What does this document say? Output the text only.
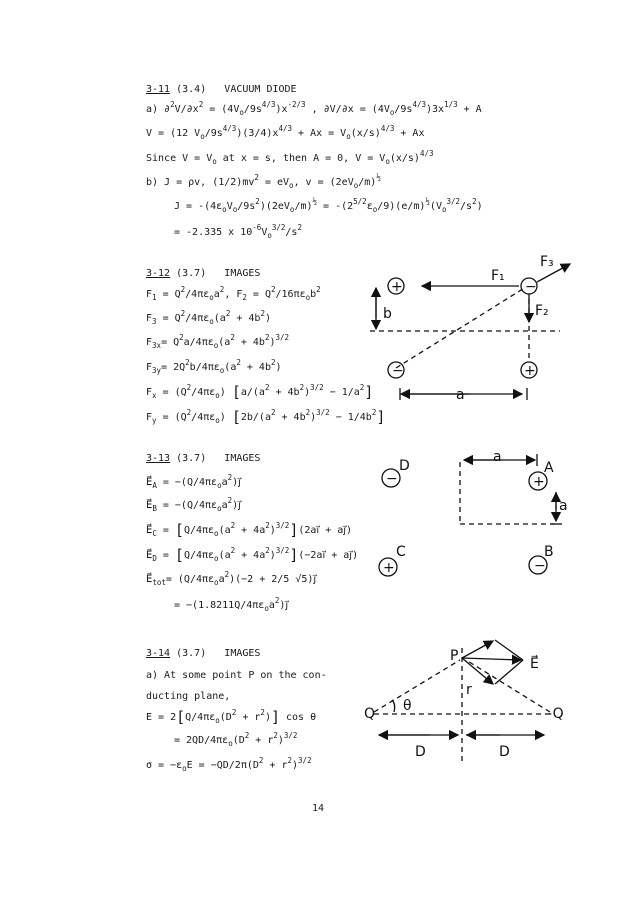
3-11 (3.4) VACUUM DIODE
a) $\partial^2V/\partial x^2 = (4V_o/9s^{4/3})x^{-2/3}$ , $\partial V/\partial x = (4V_o/9s^{4/3})3x^{1/3} + A$
V = (12 $V_o/9s^{4/3})(3/4)x^{4/3} + Ax = V_o(x/s)^{4/3} + Ax$
Since $V = V_o$ at x = s, then A = 0, $V = V_o(x/s)^{4/3}$
b) J = ρv, $(1/2)mv^2 = eV_o$, $v = (2eV_o/m)^{\frac{1}{2}}$
$J = -(4\varepsilon_oV_o/9s^2)(2eV_o/m)^{\frac{1}{2}} = -(2^{5/2}\varepsilon_o/9)(e/m)^{\frac{1}{2}}(V_o^{3/2}/s^2)$
= -2.335 x $10^{-6}V_o^{3/2}/s^2$
3-12 (3.7) IMAGES
$F_1 = Q^2/4\pi\varepsilon_oa^2$, $F_2 = Q^2/16\pi\varepsilon_ob^2$
$F_3 = Q^2/4\pi\varepsilon_o(a^2 + 4b^2)$
$F_{3x}= Q^2a/4\pi\varepsilon_o(a^2 + 4b^2)^{3/2}$
$F_{3y}= 2Q^2b/4\pi\varepsilon_o(a^2 + 4b^2)$
$F_x = (Q^2/4\pi\varepsilon_o) [a/(a^2 + 4b^2)^{3/2} - 1/a^2]$
$F_y = (Q^2/4\pi\varepsilon_o) [2b/(a^2 + 4b^2)^{3/2} - 1/4b^2]$
3-13 (3.7) IMAGES
$E⃗_A$ = $-(Q/4\pi\varepsilon_oa^2)j⃗$
$E⃗_B$ = $-(Q/4\pi\varepsilon_oa^2)j⃗$
$E⃗_C = [Q/4\pi\varepsilon_o(a^2$ + $4a^2)^{3/2}](2ai⃗$ + aj⃗)
$E⃗_D = [Q/4\pi\varepsilon_o(a^2$ + $4a^2)^{3/2}](-2ai⃗$ + aj⃗)
$E⃗_{tot}= (Q/4\pi\varepsilon_oa^2)(-2 + 2/5$ √5)j⃗
= $-(1.8211Q/4\pi\varepsilon_oa^2)j⃗$
3-14 (3.7) IMAGES
a) At some point P on the con-
ducting plane,
$E = 2[Q/4\pi\varepsilon_o(D^2 + r^2)]$ cos θ
= $2QD/4\pi\varepsilon_o(D^2 + r^2)^{3/2}$
$\sigma = -\varepsilon_oE = -QD/2\pi(D^2 + r^2)^{3/2}$
+	−
−	+
F₁
F₃
F₂
b
a
−	+
+	−
D
a
A
a
C	B
P	E⃗
r
Q θ
D	D
-Q
14
